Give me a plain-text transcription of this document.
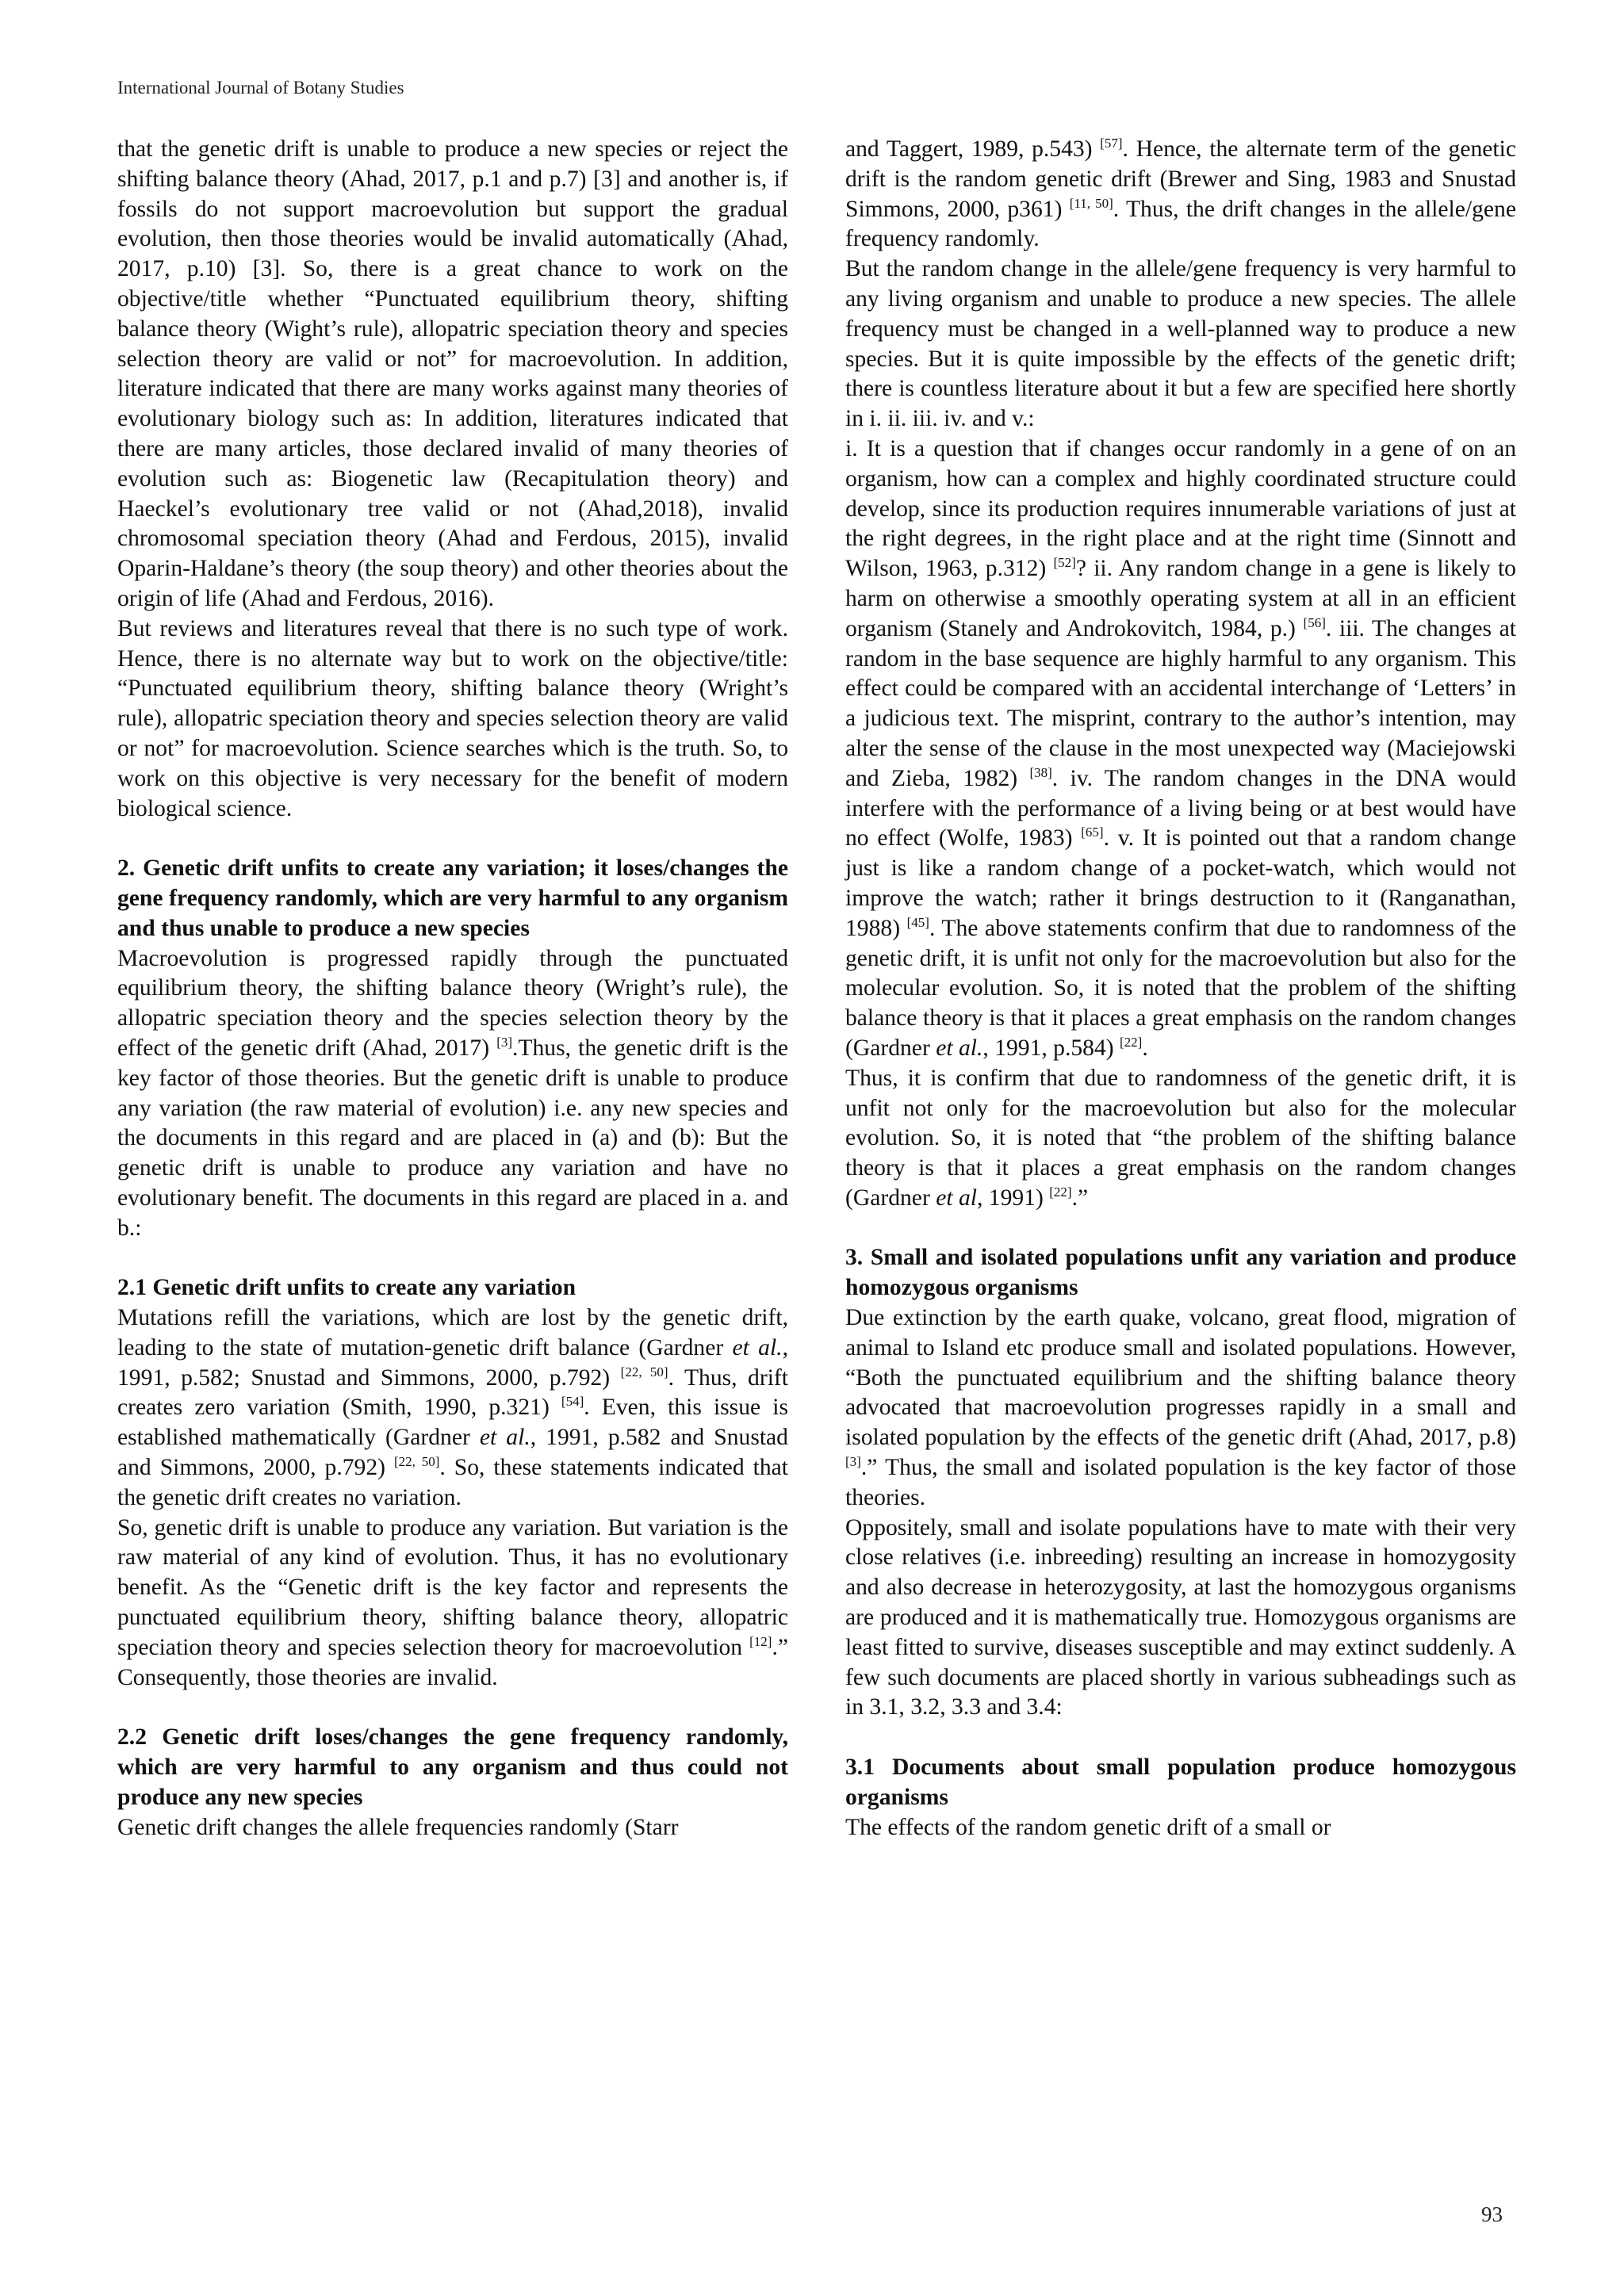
International Journal of Botany Studies

that the genetic drift is unable to produce a new species or reject the shifting balance theory (Ahad, 2017, p.1 and p.7) [3] and another is, if fossils do not support macroevolution but support the gradual evolution, then those theories would be invalid automatically (Ahad, 2017, p.10) [3]. So, there is a great chance to work on the objective/title whether “Punctuated equilibrium theory, shifting balance theory (Wight’s rule), allopatric speciation theory and species selection theory are valid or not” for macroevolution. In addition, literature indicated that there are many works against many theories of evolutionary biology such as: In addition, literatures indicated that there are many articles, those declared invalid of many theories of evolution such as: Biogenetic law (Recapitulation theory) and Haeckel’s evolutionary tree valid or not (Ahad,2018), invalid chromosomal speciation theory (Ahad and Ferdous, 2015), invalid Oparin-Haldane’s theory (the soup theory) and other theories about the origin of life (Ahad and Ferdous, 2016).

But reviews and literatures reveal that there is no such type of work. Hence, there is no alternate way but to work on the objective/title: “Punctuated equilibrium theory, shifting balance theory (Wright’s rule), allopatric speciation theory and species selection theory are valid or not” for macroevolution. Science searches which is the truth. So, to work on this objective is very necessary for the benefit of modern biological science.

2. Genetic drift unfits to create any variation; it loses/changes the gene frequency randomly, which are very harmful to any organism and thus unable to produce a new species

Macroevolution is progressed rapidly through the punctuated equilibrium theory, the shifting balance theory (Wright’s rule), the allopatric speciation theory and the species selection theory by the effect of the genetic drift (Ahad, 2017) [3].Thus, the genetic drift is the key factor of those theories. But the genetic drift is unable to produce any variation (the raw material of evolution) i.e. any new species and the documents in this regard and are placed in (a) and (b): But the genetic drift is unable to produce any variation and have no evolutionary benefit. The documents in this regard are placed in a. and b.:

2.1 Genetic drift unfits to create any variation

Mutations refill the variations, which are lost by the genetic drift, leading to the state of mutation-genetic drift balance (Gardner et al., 1991, p.582; Snustad and Simmons, 2000, p.792) [22, 50]. Thus, drift creates zero variation (Smith, 1990, p.321) [54]. Even, this issue is established mathematically (Gardner et al., 1991, p.582 and Snustad and Simmons, 2000, p.792) [22, 50]. So, these statements indicated that the genetic drift creates no variation.

So, genetic drift is unable to produce any variation. But variation is the raw material of any kind of evolution. Thus, it has no evolutionary benefit. As the “Genetic drift is the key factor and represents the punctuated equilibrium theory, shifting balance theory, allopatric speciation theory and species selection theory for macroevolution [12].” Consequently, those theories are invalid.

2.2 Genetic drift loses/changes the gene frequency randomly, which are very harmful to any organism and thus could not produce any new species

Genetic drift changes the allele frequencies randomly (Starr

and Taggert, 1989, p.543) [57]. Hence, the alternate term of the genetic drift is the random genetic drift (Brewer and Sing, 1983 and Snustad Simmons, 2000, p361) [11, 50]. Thus, the drift changes in the allele/gene frequency randomly.

But the random change in the allele/gene frequency is very harmful to any living organism and unable to produce a new species. The allele frequency must be changed in a well-planned way to produce a new species. But it is quite impossible by the effects of the genetic drift; there is countless literature about it but a few are specified here shortly in i. ii. iii. iv. and v.:

i. It is a question that if changes occur randomly in a gene of on an organism, how can a complex and highly coordinated structure could develop, since its production requires innumerable variations of just at the right degrees, in the right place and at the right time (Sinnott and Wilson, 1963, p.312) [52]? ii. Any random change in a gene is likely to harm on otherwise a smoothly operating system at all in an efficient organism (Stanely and Androkovitch, 1984, p.) [56]. iii. The changes at random in the base sequence are highly harmful to any organism. This effect could be compared with an accidental interchange of ‘Letters’ in a judicious text. The misprint, contrary to the author’s intention, may alter the sense of the clause in the most unexpected way (Maciejowski and Zieba, 1982) [38]. iv. The random changes in the DNA would interfere with the performance of a living being or at best would have no effect (Wolfe, 1983) [65]. v. It is pointed out that a random change just is like a random change of a pocket-watch, which would not improve the watch; rather it brings destruction to it (Ranganathan, 1988) [45]. The above statements confirm that due to randomness of the genetic drift, it is unfit not only for the macroevolution but also for the molecular evolution. So, it is noted that the problem of the shifting balance theory is that it places a great emphasis on the random changes (Gardner et al., 1991, p.584) [22].

Thus, it is confirm that due to randomness of the genetic drift, it is unfit not only for the macroevolution but also for the molecular evolution. So, it is noted that “the problem of the shifting balance theory is that it places a great emphasis on the random changes (Gardner et al, 1991) [22].”

3. Small and isolated populations unfit any variation and produce homozygous organisms

Due extinction by the earth quake, volcano, great flood, migration of animal to Island etc produce small and isolated populations. However, “Both the punctuated equilibrium and the shifting balance theory advocated that macroevolution progresses rapidly in a small and isolated population by the effects of the genetic drift (Ahad, 2017, p.8) [3].” Thus, the small and isolated population is the key factor of those theories.

Oppositely, small and isolate populations have to mate with their very close relatives (i.e. inbreeding) resulting an increase in homozygosity and also decrease in heterozygosity, at last the homozygous organisms are produced and it is mathematically true. Homozygous organisms are least fitted to survive, diseases susceptible and may extinct suddenly. A few such documents are placed shortly in various subheadings such as in 3.1, 3.2, 3.3 and 3.4:

3.1 Documents about small population produce homozygous organisms

The effects of the random genetic drift of a small or

93
